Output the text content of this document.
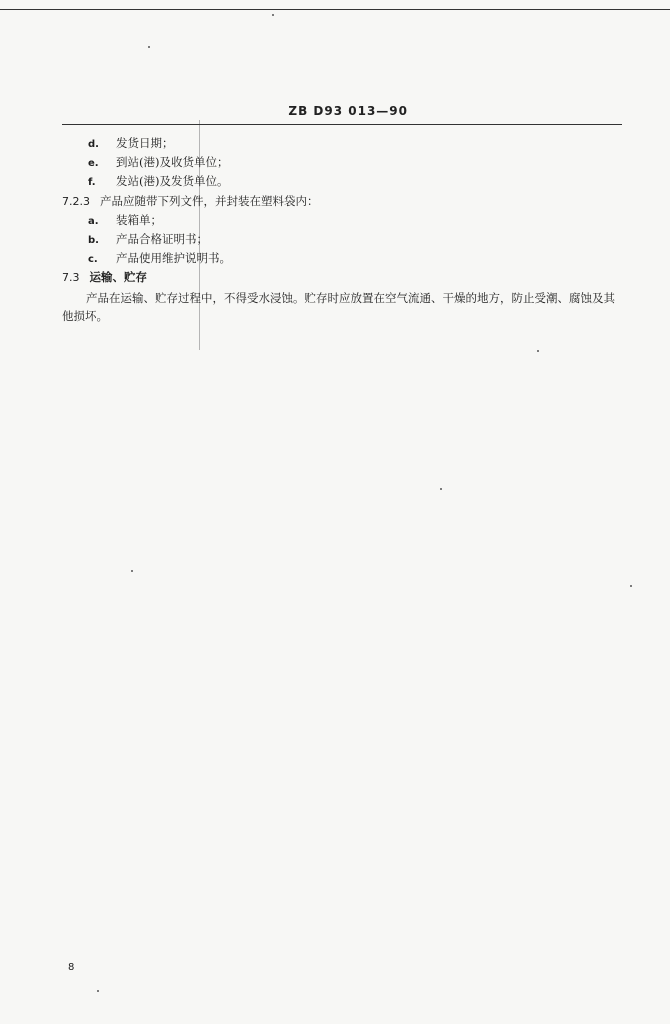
ZB D93 013—90
d. 发货日期；
e. 到站(港)及收货单位；
f. 发站(港)及发货单位。
7.2.3 产品应随带下列文件，并封装在塑料袋内：
a. 装箱单；
b. 产品合格证明书；
c. 产品使用维护说明书。
7.3 运输、贮存
产品在运输、贮存过程中，不得受水浸蚀。贮存时应放置在空气流通、干燥的地方，防止受潮、腐蚀及其他损坏。
8
